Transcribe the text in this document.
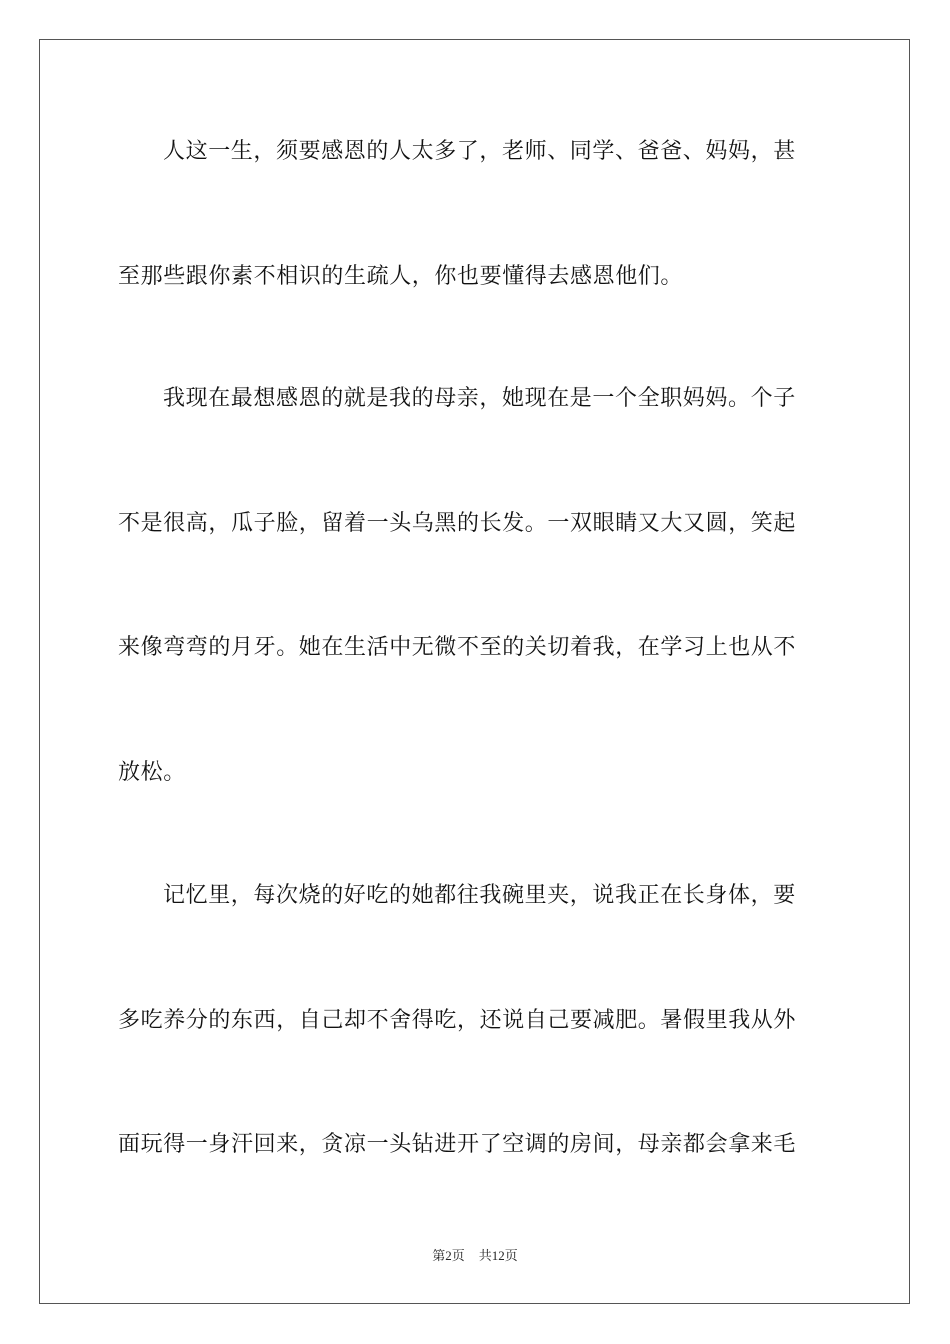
人这一生，须要感恩的人太多了，老师、同学、爸爸、妈妈，甚
至那些跟你素不相识的生疏人，你也要懂得去感恩他们。
我现在最想感恩的就是我的母亲，她现在是一个全职妈妈。个子
不是很高，瓜子脸，留着一头乌黑的长发。一双眼睛又大又圆，笑起
来像弯弯的月牙。她在生活中无微不至的关切着我，在学习上也从不
放松。
记忆里，每次烧的好吃的她都往我碗里夹，说我正在长身体，要
多吃养分的东西，自己却不舍得吃，还说自己要减肥。暑假里我从外
面玩得一身汗回来，贪凉一头钻进开了空调的房间，母亲都会拿来毛
第2页 共12页
